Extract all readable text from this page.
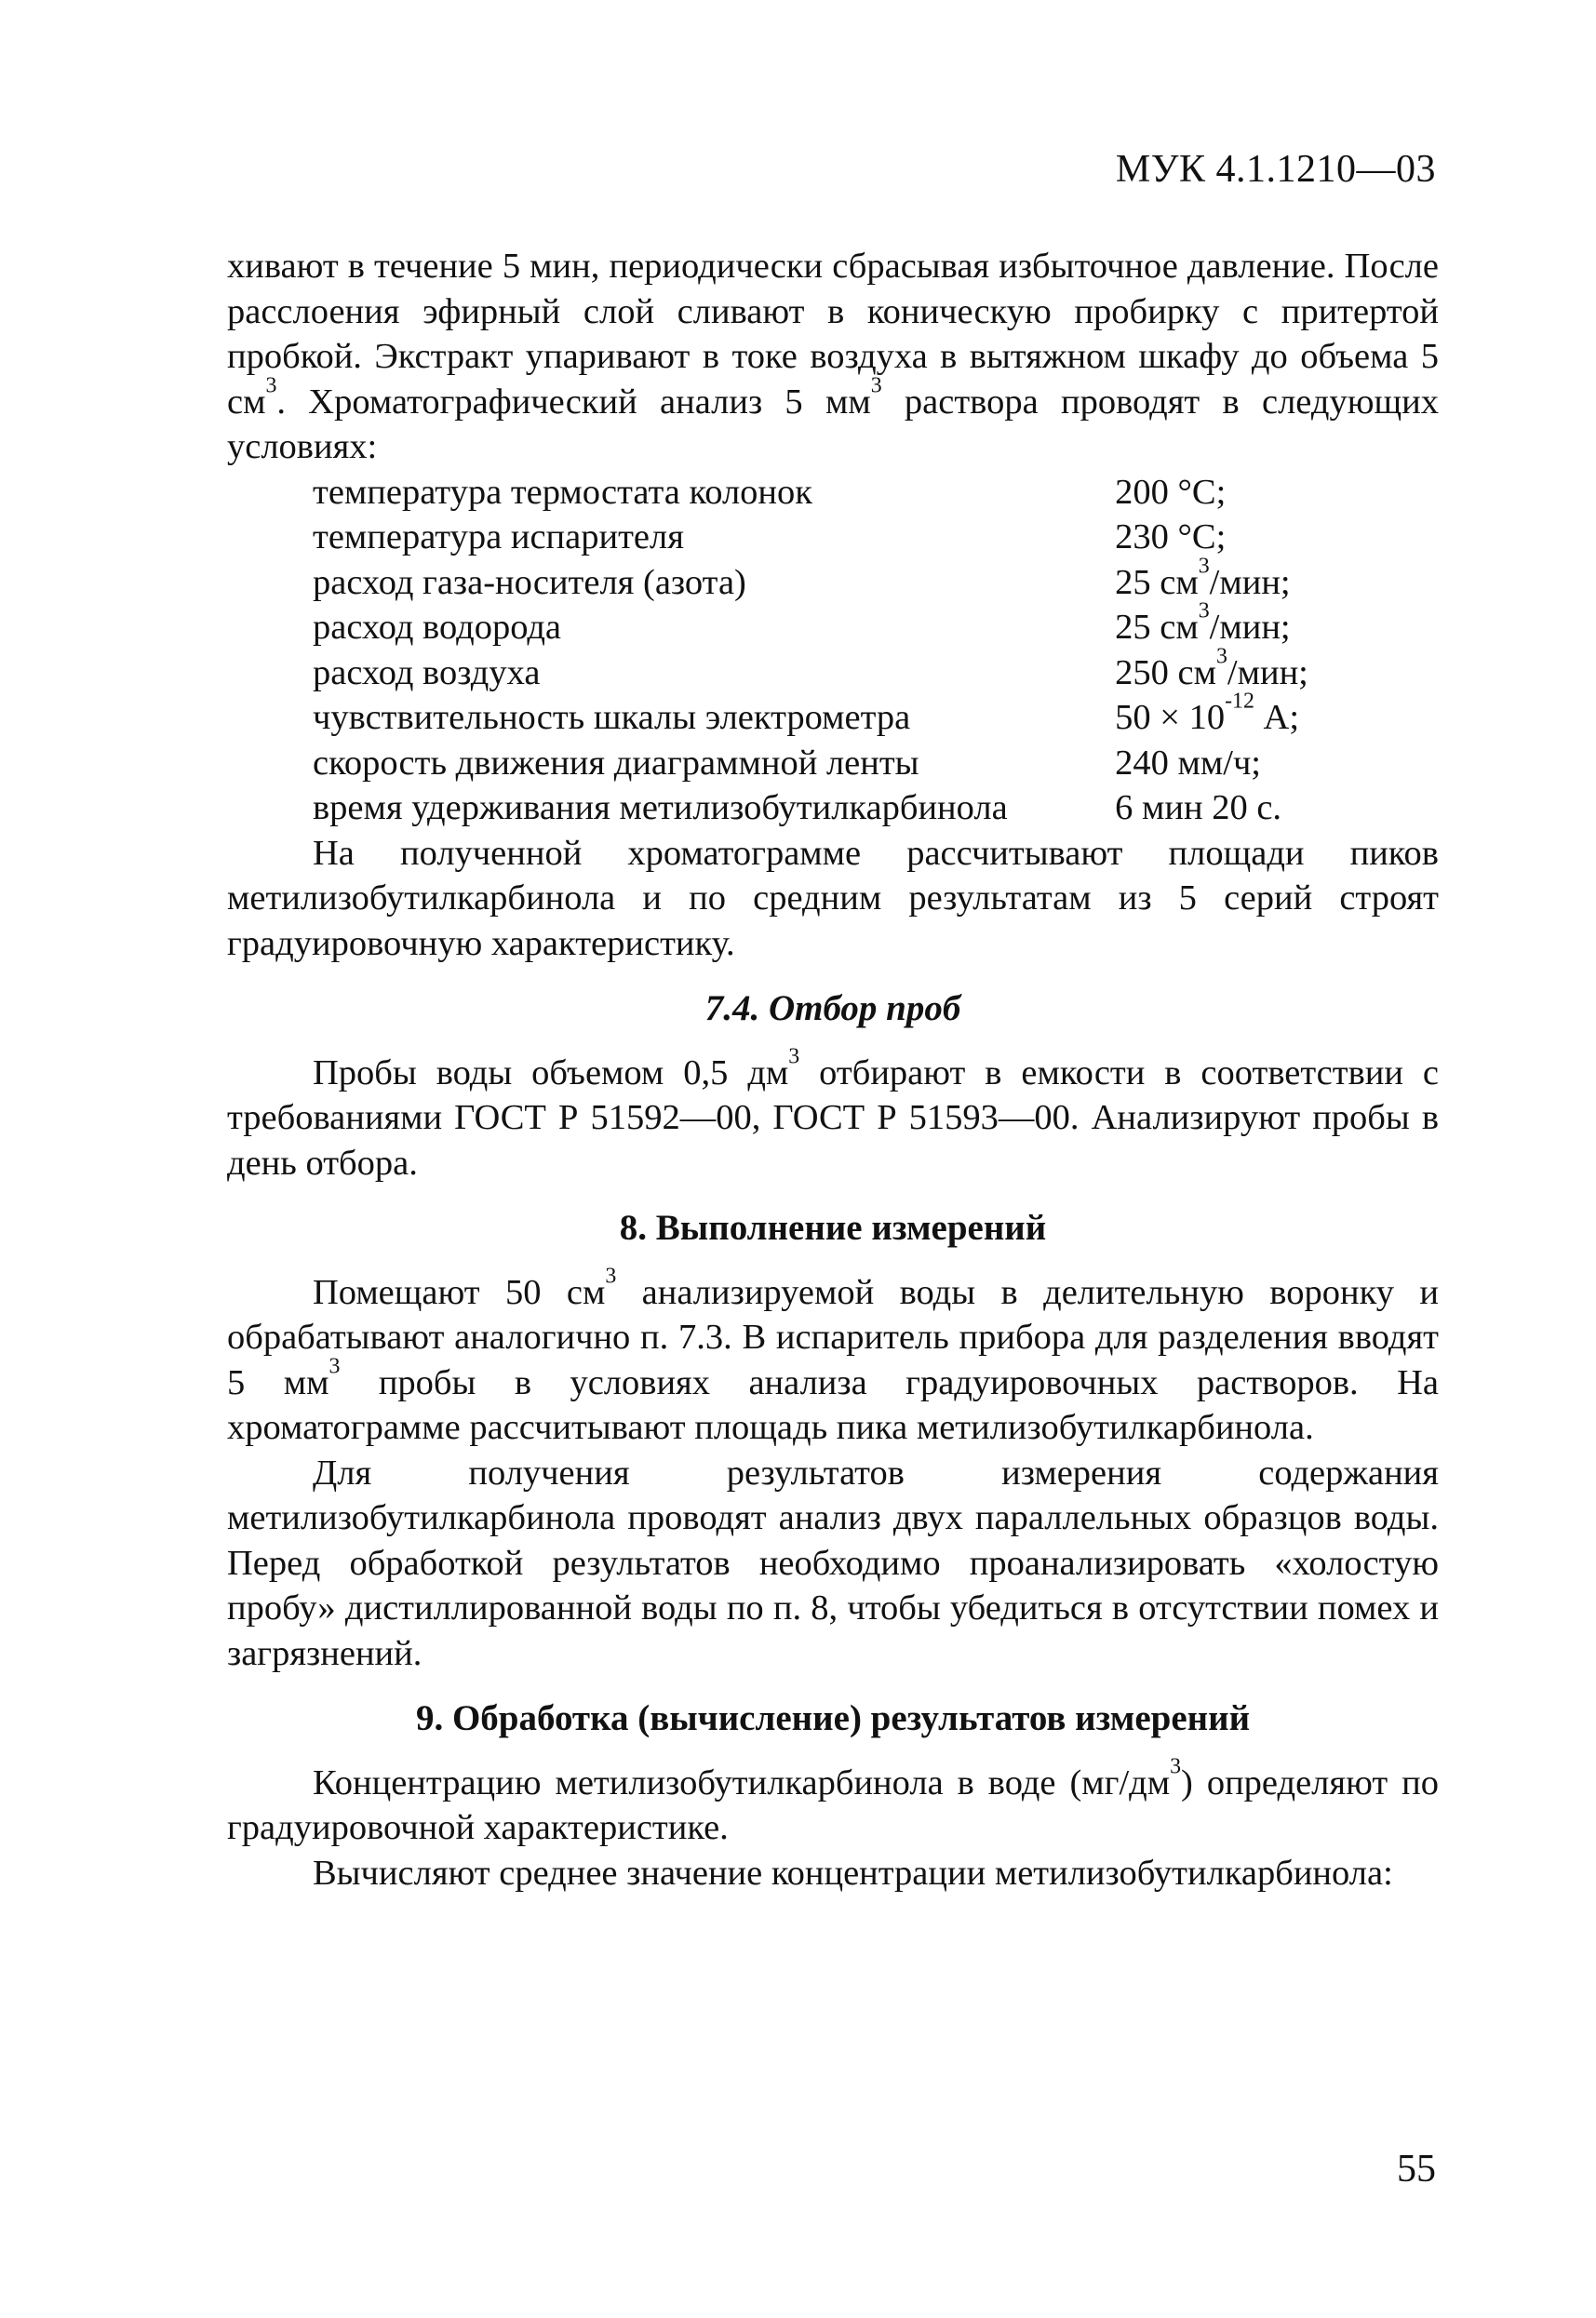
МУК 4.1.1210—03

хивают в течение 5 мин, периодически сбрасывая избыточное давление. После расслоения эфирный слой сливают в коническую пробирку с притертой пробкой. Экстракт упаривают в токе воздуха в вытяжном шкафу до объема 5 $см^3$. Хроматографический анализ 5 $мм^3$ раствора проводят в следующих условиях:

температура термостата колонок	200 °С;
температура испарителя	230 °С;
расход газа-носителя (азота)	25 $см^3$/мин;
расход водорода	25 $см^3$/мин;
расход воздуха	250 $см^3$/мин;
чувствительность шкалы электрометра	$50 \times 10^{-12}$ А;
скорость движения диаграммной ленты	240 мм/ч;
время удерживания метилизобутилкарбинола	6 мин 20 с.

На полученной хроматограмме рассчитывают площади пиков метилизобутилкарбинола и по средним результатам из 5 серий строят градуировочную характеристику.

7.4. Отбор проб

Пробы воды объемом 0,5 $дм^3$ отбирают в емкости в соответствии с требованиями ГОСТ Р 51592—00, ГОСТ Р 51593—00. Анализируют пробы в день отбора.

8. Выполнение измерений

Помещают 50 $см^3$ анализируемой воды в делительную воронку и обрабатывают аналогично п. 7.3. В испаритель прибора для разделения вводят 5 $мм^3$ пробы в условиях анализа градуировочных растворов. На хроматограмме рассчитывают площадь пика метилизобутилкарбинола.

Для получения результатов измерения содержания метилизобутилкарбинола проводят анализ двух параллельных образцов воды. Перед обработкой результатов необходимо проанализировать «холостую пробу» дистиллированной воды по п. 8, чтобы убедиться в отсутствии помех и загрязнений.

9. Обработка (вычисление) результатов измерений

Концентрацию метилизобутилкарбинола в воде $(мг/дм^3)$ определяют по градуировочной характеристике.

Вычисляют среднее значение концентрации метилизобутилкарбинола:

55
